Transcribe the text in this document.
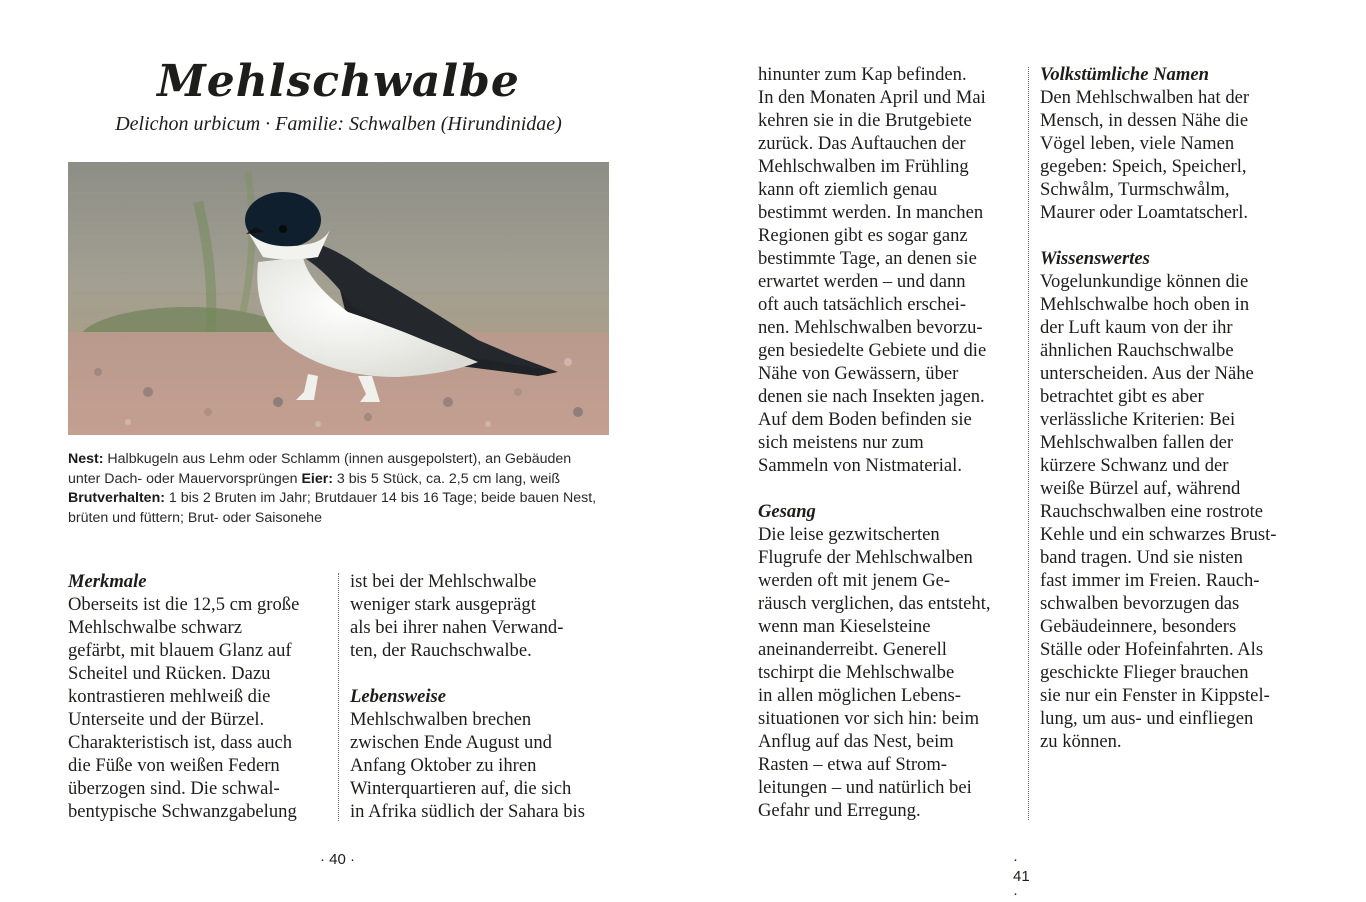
Mehlschwalbe
Delichon urbicum · Familie: Schwalben (Hirundinidae)
Nest: Halbkugeln aus Lehm oder Schlamm (innen ausgepolstert), an Gebäuden unter Dach- oder Mauervorsprüngen Eier: 3 bis 5 Stück, ca. 2,5 cm lang, weiß Brutverhalten: 1 bis 2 Bruten im Jahr; Brutdauer 14 bis 16 Tage; beide bauen Nest, brüten und füttern; Brut- oder Saisonehe
Merkmale
Oberseits ist die 12,5 cm große
Mehlschwalbe schwarz
gefärbt, mit blauem Glanz auf
Scheitel und Rücken. Dazu
kontrastieren mehlweiß die
Unterseite und der Bürzel.
Charakteristisch ist, dass auch
die Füße von weißen Federn
überzogen sind. Die schwal-
bentypische Schwanzgabelung
ist bei der Mehlschwalbe
weniger stark ausgeprägt
als bei ihrer nahen Verwand-
ten, der Rauchschwalbe.
Lebensweise
Mehlschwalben brechen
zwischen Ende August und
Anfang Oktober zu ihren
Winterquartieren auf, die sich
in Afrika südlich der Sahara bis
· 40 ·
hinunter zum Kap befinden.
In den Monaten April und Mai
kehren sie in die Brutgebiete
zurück. Das Auftauchen der
Mehlschwalben im Frühling
kann oft ziemlich genau
bestimmt werden. In manchen
Regionen gibt es sogar ganz
bestimmte Tage, an denen sie
erwartet werden – und dann
oft auch tatsächlich erschei-
nen. Mehlschwalben bevorzu-
gen besiedelte Gebiete und die
Nähe von Gewässern, über
denen sie nach Insekten jagen.
Auf dem Boden befinden sie
sich meistens nur zum
Sammeln von Nistmaterial.
Gesang
Die leise gezwitscherten
Flugrufe der Mehlschwalben
werden oft mit jenem Ge-
räusch verglichen, das entsteht,
wenn man Kieselsteine
aneinanderreibt. Generell
tschirpt die Mehlschwalbe
in allen möglichen Lebens-
situationen vor sich hin: beim
Anflug auf das Nest, beim
Rasten – etwa auf Strom-
leitungen – und natürlich bei
Gefahr und Erregung.
Volkstümliche Namen
Den Mehlschwalben hat der
Mensch, in dessen Nähe die
Vögel leben, viele Namen
gegeben: Speich, Speicherl,
Schwålm, Turmschwålm,
Maurer oder Loamtatscherl.
Wissenswertes
Vogelunkundige können die
Mehlschwalbe hoch oben in
der Luft kaum von der ihr
ähnlichen Rauchschwalbe
unterscheiden. Aus der Nähe
betrachtet gibt es aber
verlässliche Kriterien: Bei
Mehlschwalben fallen der
kürzere Schwanz und der
weiße Bürzel auf, während
Rauchschwalben eine rostrote
Kehle und ein schwarzes Brust-
band tragen. Und sie nisten
fast immer im Freien. Rauch-
schwalben bevorzugen das
Gebäudeinnere, besonders
Ställe oder Hofeinfahrten. Als
geschickte Flieger brauchen
sie nur ein Fenster in Kippstel-
lung, um aus- und einfliegen
zu können.
· 41 ·
